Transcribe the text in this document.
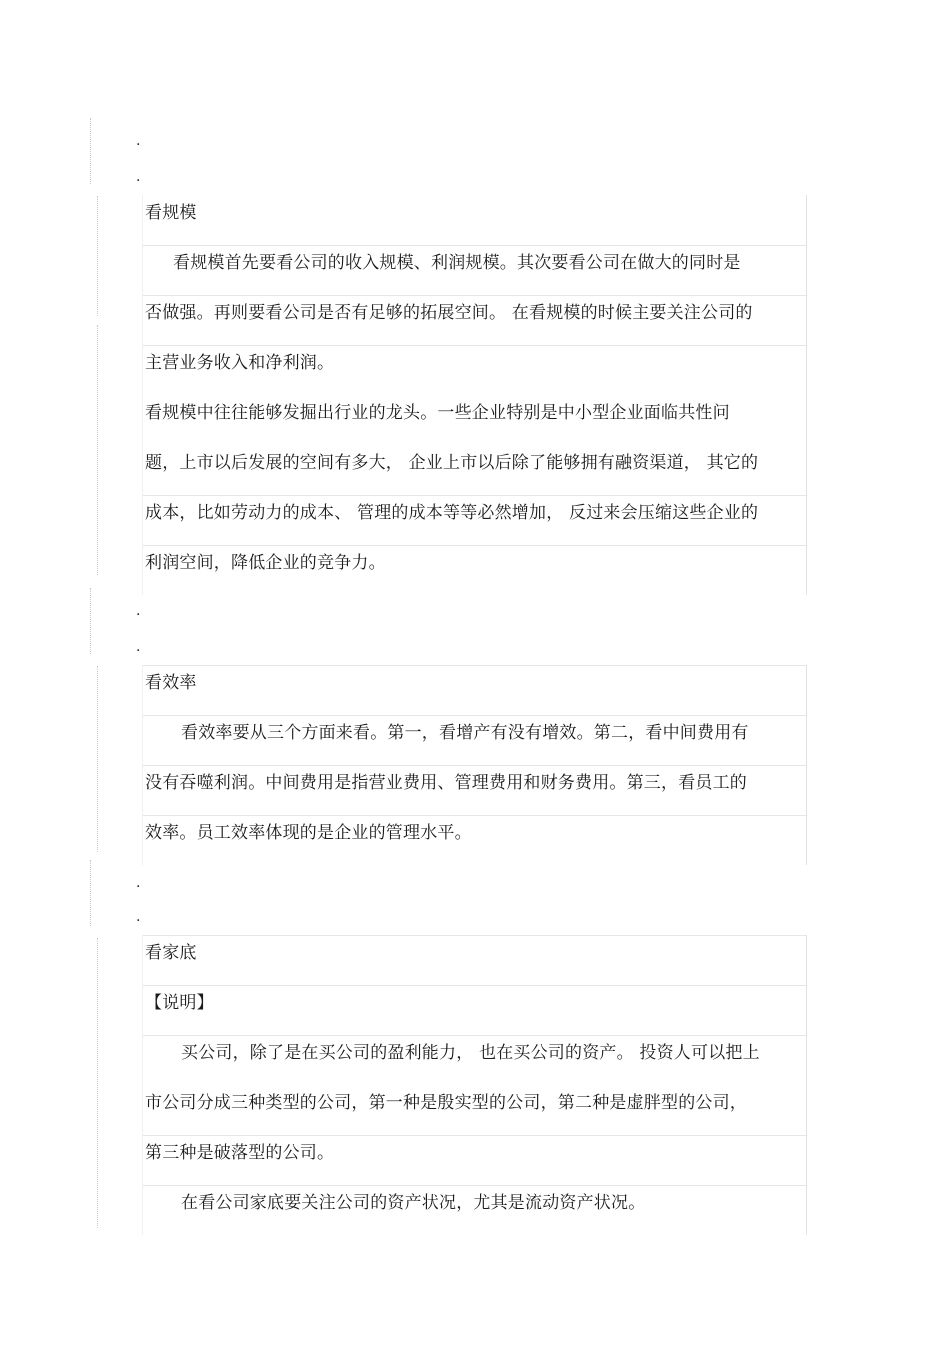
.
.
.
.
.
.
看规模
看规模首先要看公司的收入规模、利润规模。其次要看公司在做大的同时是
否做强。再则要看公司是否有足够的拓展空间。 在看规模的时候主要关注公司的
主营业务收入和净利润。
看规模中往往能够发掘出行业的龙头。一些企业特别是中小型企业面临共性问
题，上市以后发展的空间有多大， 企业上市以后除了能够拥有融资渠道， 其它的
成本，比如劳动力的成本、 管理的成本等等必然增加， 反过来会压缩这些企业的
利润空间，降低企业的竞争力。
看效率
看效率要从三个方面来看。第一，看增产有没有增效。第二，看中间费用有
没有吞噬利润。中间费用是指营业费用、管理费用和财务费用。第三，看员工的
效率。员工效率体现的是企业的管理水平。
看家底
【说明】
买公司，除了是在买公司的盈利能力， 也在买公司的资产。 投资人可以把上
市公司分成三种类型的公司，第一种是殷实型的公司，第二种是虚胖型的公司，
第三种是破落型的公司。
在看公司家底要关注公司的资产状况，尤其是流动资产状况。
